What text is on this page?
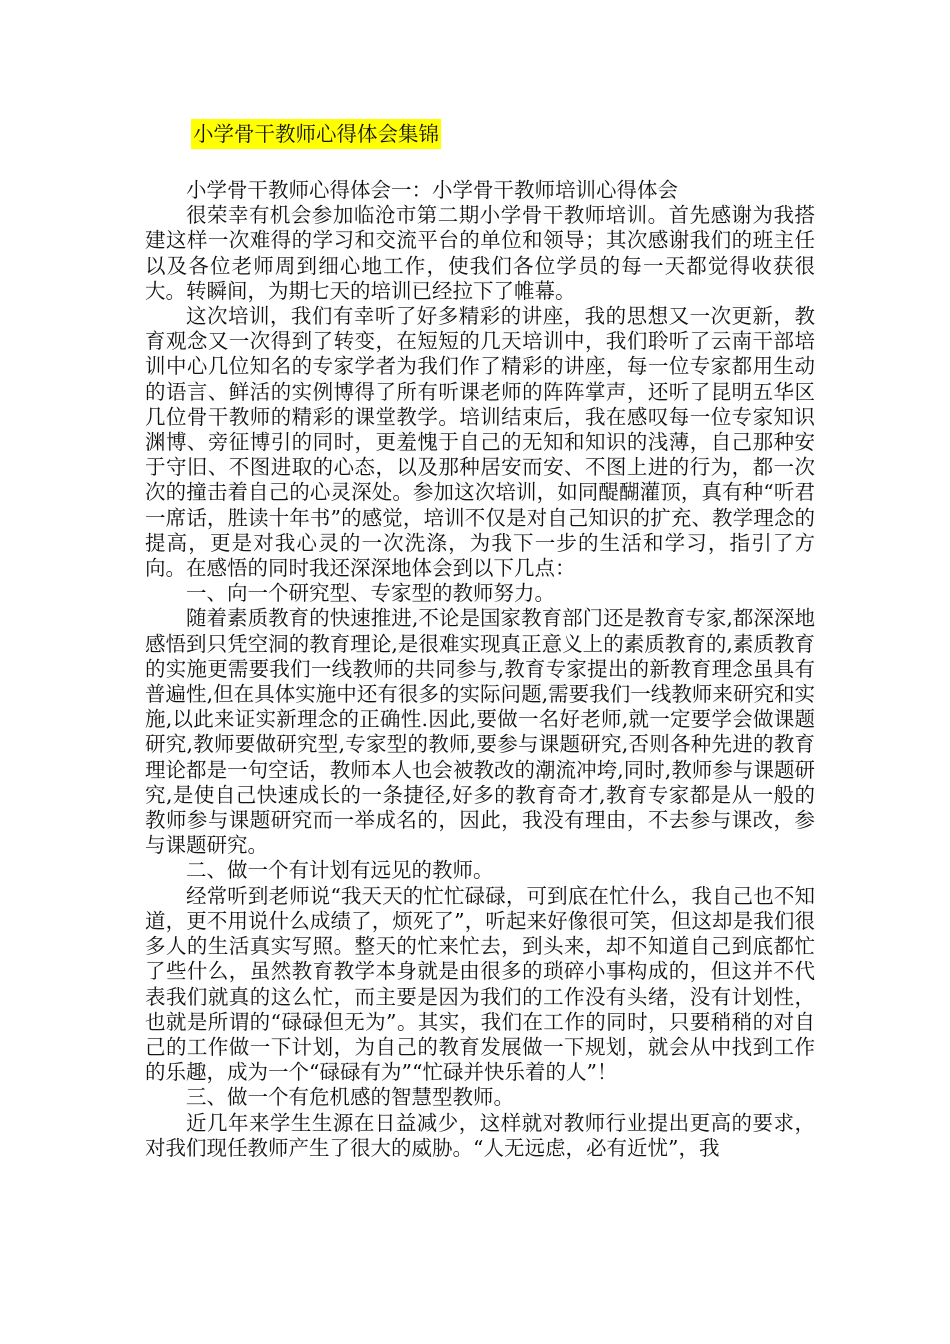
小学骨干教师心得体会集锦

小学骨干教师心得体会一：小学骨干教师培训心得体会

很荣幸有机会参加临沧市第二期小学骨干教师培训。首先感谢为我搭建这样一次难得的学习和交流平台的单位和领导；其次感谢我们的班主任以及各位老师周到细心地工作，使我们各位学员的每一天都觉得收获很大。转瞬间，为期七天的培训已经拉下了帷幕。

这次培训，我们有幸听了好多精彩的讲座，我的思想又一次更新，教育观念又一次得到了转变，在短短的几天培训中，我们聆听了云南干部培训中心几位知名的专家学者为我们作了精彩的讲座，每一位专家都用生动的语言、鲜活的实例博得了所有听课老师的阵阵掌声，还听了昆明五华区几位骨干教师的精彩的课堂教学。培训结束后，我在感叹每一位专家知识渊博、旁征博引的同时，更羞愧于自己的无知和知识的浅薄，自己那种安于守旧、不图进取的心态，以及那种居安而安、不图上进的行为，都一次次的撞击着自己的心灵深处。参加这次培训，如同醍醐灌顶，真有种“听君一席话，胜读十年书”的感觉，培训不仅是对自己知识的扩充、教学理念的提高，更是对我心灵的一次洗涤，为我下一步的生活和学习，指引了方向。在感悟的同时我还深深地体会到以下几点：

一、向一个研究型、专家型的教师努力。

随着素质教育的快速推进,不论是国家教育部门还是教育专家,都深深地感悟到只凭空洞的教育理论,是很难实现真正意义上的素质教育的,素质教育的实施更需要我们一线教师的共同参与,教育专家提出的新教育理念虽具有普遍性,但在具体实施中还有很多的实际问题,需要我们一线教师来研究和实施,以此来证实新理念的正确性.因此,要做一名好老师,就一定要学会做课题研究,教师要做研究型,专家型的教师,要参与课题研究,否则各种先进的教育理论都是一句空话，教师本人也会被教改的潮流冲垮,同时,教师参与课题研究,是使自己快速成长的一条捷径,好多的教育奇才,教育专家都是从一般的教师参与课题研究而一举成名的，因此，我没有理由，不去参与课改，参与课题研究。

二、做一个有计划有远见的教师。

经常听到老师说“我天天的忙忙碌碌，可到底在忙什么，我自己也不知道，更不用说什么成绩了，烦死了”，听起来好像很可笑，但这却是我们很多人的生活真实写照。整天的忙来忙去，到头来，却不知道自己到底都忙了些什么，虽然教育教学本身就是由很多的琐碎小事构成的，但这并不代表我们就真的这么忙，而主要是因为我们的工作没有头绪，没有计划性，也就是所谓的“碌碌但无为”。其实，我们在工作的同时，只要稍稍的对自己的工作做一下计划，为自己的教育发展做一下规划，就会从中找到工作的乐趣，成为一个“碌碌有为”“忙碌并快乐着的人”！

三、做一个有危机感的智慧型教师。

近几年来学生生源在日益减少，这样就对教师行业提出更高的要求，对我们现任教师产生了很大的威胁。“人无远虑，必有近忧”，我
